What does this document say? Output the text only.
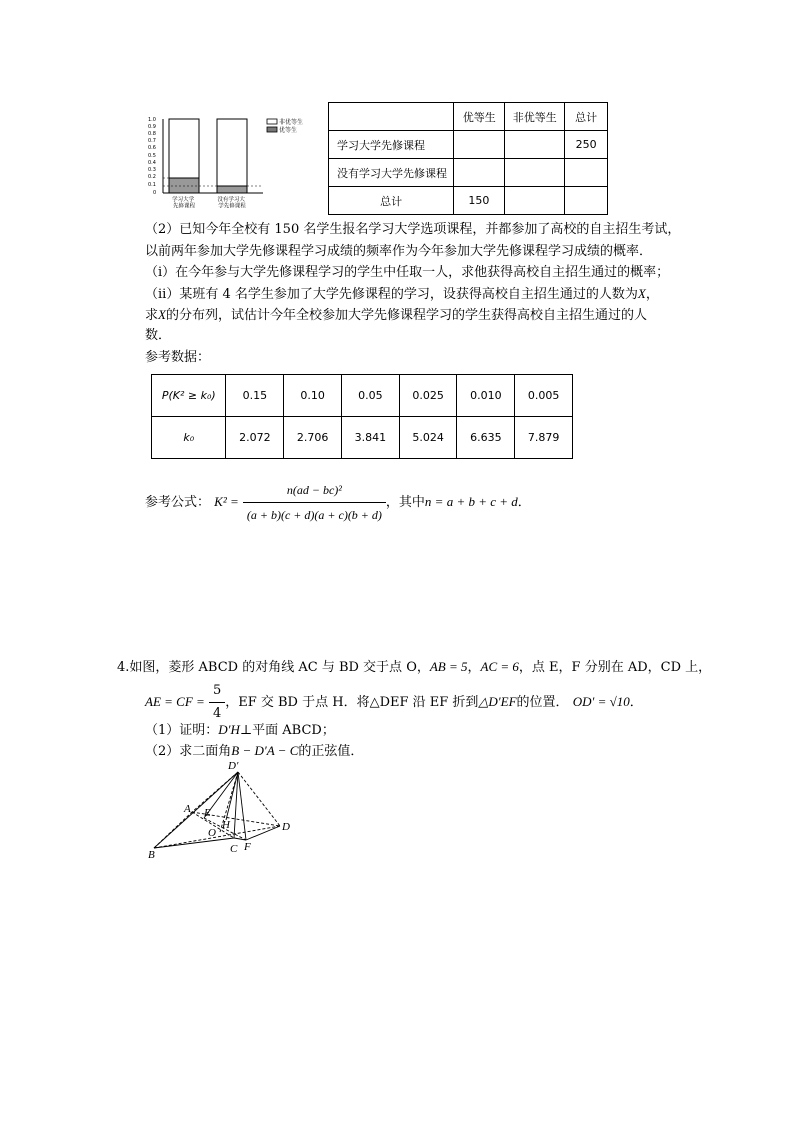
1.0
0.9
0.8
0.7
0.6
0.5
0.4
0.3
0.2
0.1
0
非优等生
优等生
学习大学 先修课程
没有学习大 学先修课程
	优等生	非优等生	总计
学习大学先修课程			250
没有学习大学先修课程			
总计	150		
（2）已知今年全校有 150 名学生报名学习大学选项课程，并都参加了高校的自主招生考试，
以前两年参加大学先修课程学习成绩的频率作为今年参加大学先修课程学习成绩的概率．
（i）在今年参与大学先修课程学习的学生中任取一人，求他获得高校自主招生通过的概率；
（ii）某班有 4 名学生参加了大学先修课程的学习，设获得高校自主招生通过的人数为X，
求X的分布列，试估计今年全校参加大学先修课程学习的学生获得高校自主招生通过的人
数．
参考数据：
P(K² ≥ k₀)	0.15	0.10	0.05	0.025	0.010	0.005
k₀	2.072	2.706	3.841	5.024	6.635	7.879
参考公式： $K^2 = \frac{\text{n(ad − bc)²}}{(a + b)(c + d)(a + c)(b + d)}$ ，其中n = a + b + c + d．
4.如图，菱形 ABCD 的对角线 AC 与 BD 交于点 O，AB = 5，AC = 6，点 E，F 分别在 AD，CD 上，
AE = CF = $\frac{5}{4}$ ，EF 交 BD 于点 H．将△DEF 沿 EF 折到△D′EF的位置． OD′ = √10．
（1）证明：D′H⊥平面 ABCD；
（2）求二面角B − D′A − C的正弦值．
D′
A E
H
O
B	C F
D
